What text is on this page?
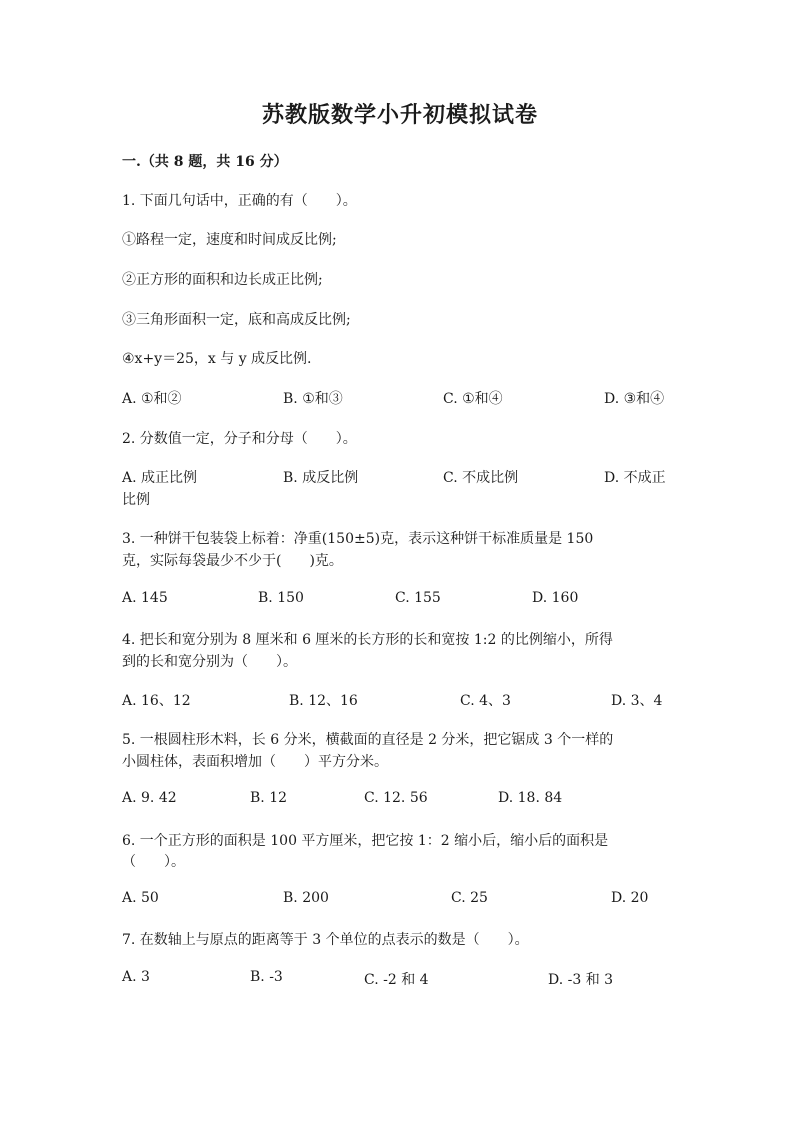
苏教版数学小升初模拟试卷
一.（共 8 题，共 16 分）
1. 下面几句话中，正确的有（　　）。
①路程一定，速度和时间成反比例;
②正方形的面积和边长成正比例;
③三角形面积一定，底和高成反比例;
④x+y＝25，x 与 y 成反比例.
A. ①和②	B. ①和③	C. ①和④	D. ③和④
2. 分数值一定，分子和分母（　　）。
A. 成正比例	B. 成反比例	C. 不成比例	D. 不成正
比例
3. 一种饼干包装袋上标着：净重(150±5)克，表示这种饼干标准质量是 150
克，实际每袋最少不少于(　　)克。
A. 145	B. 150	C. 155	D. 160
4. 把长和宽分别为 8 厘米和 6 厘米的长方形的长和宽按 1:2 的比例缩小，所得
到的长和宽分别为（　　）。
A. 16、12	B. 12、16	C. 4、3	D. 3、4
5. 一根圆柱形木料，长 6 分米，横截面的直径是 2 分米，把它锯成 3 个一样的
小圆柱体，表面积增加（　　）平方分米。
A. 9. 42	B. 12	C. 12. 56	D. 18. 84
6. 一个正方形的面积是 100 平方厘米，把它按 1：2 缩小后，缩小后的面积是
（　　）。
A. 50	B. 200	C. 25	D. 20
7. 在数轴上与原点的距离等于 3 个单位的点表示的数是（　　）。
A. 3	B. -3	C. -2 和 4	D. -3 和 3
